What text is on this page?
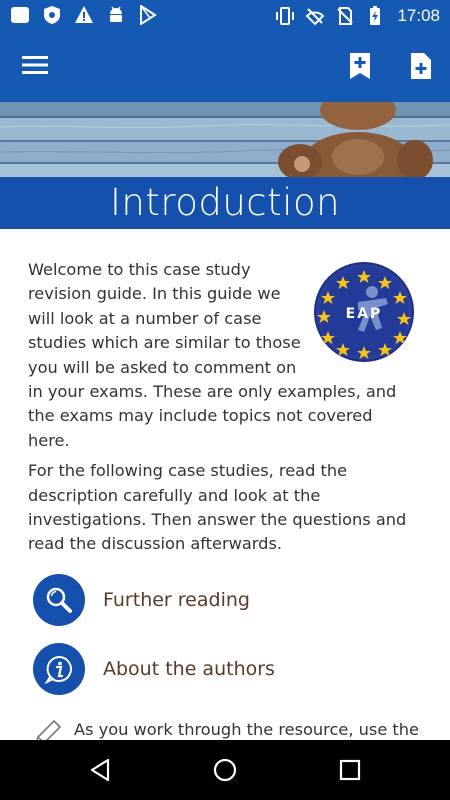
17:08
Introduction
EAP

Welcome to this case study revision guide. In this guide we will look at a number of case studies which are similar to those you will be asked to comment on in your exams. These are only examples, and the exams may include topics not covered here.

For the following case studies, read the description carefully and look at the investigations. Then answer the questions and read the discussion afterwards.

Further reading
About the authors
As you work through the resource, use the
